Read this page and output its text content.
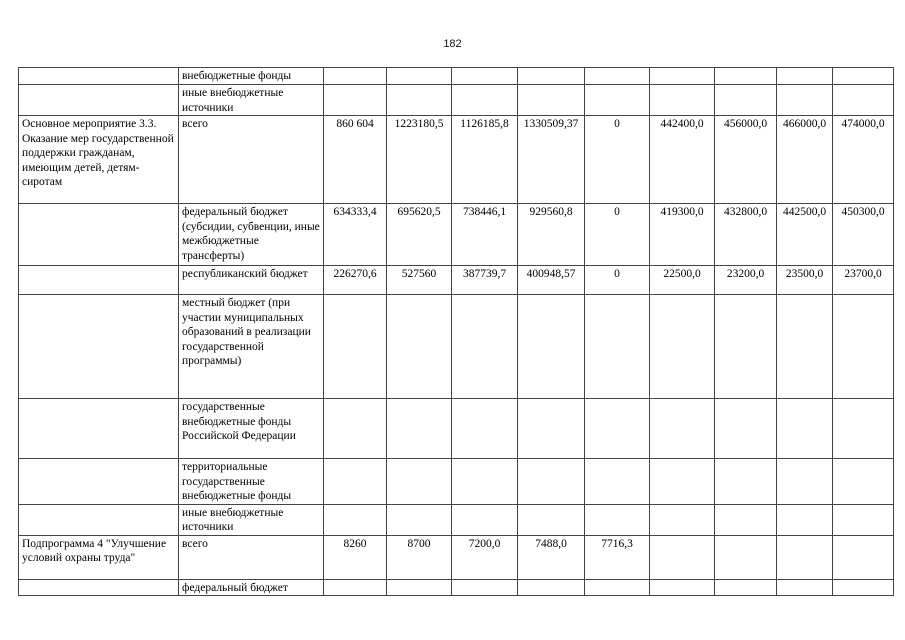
182
	внебюджетные фонды									
	иные внебюджетные источники									
Основное мероприятие 3.3. Оказание мер государственной поддержки гражданам, имеющим детей, детям-сиротам	всего	860 604	1223180,5	1126185,8	1330509,37	0	442400,0	456000,0	466000,0	474000,0
	федеральный бюджет (субсидии, субвенции, иные межбюджетные трансферты)	634333,4	695620,5	738446,1	929560,8	0	419300,0	432800,0	442500,0	450300,0
	республиканский бюджет	226270,6	527560	387739,7	400948,57	0	22500,0	23200,0	23500,0	23700,0
	местный бюджет (при участии муниципальных образований в реализации государственной программы)									
	государственные внебюджетные фонды Российской Федерации									
	территориальные государственные внебюджетные фонды									
	иные внебюджетные источники									
Подпрограмма 4 "Улучшение условий охраны труда"	всего	8260	8700	7200,0	7488,0	7716,3				
	федеральный бюджет									
